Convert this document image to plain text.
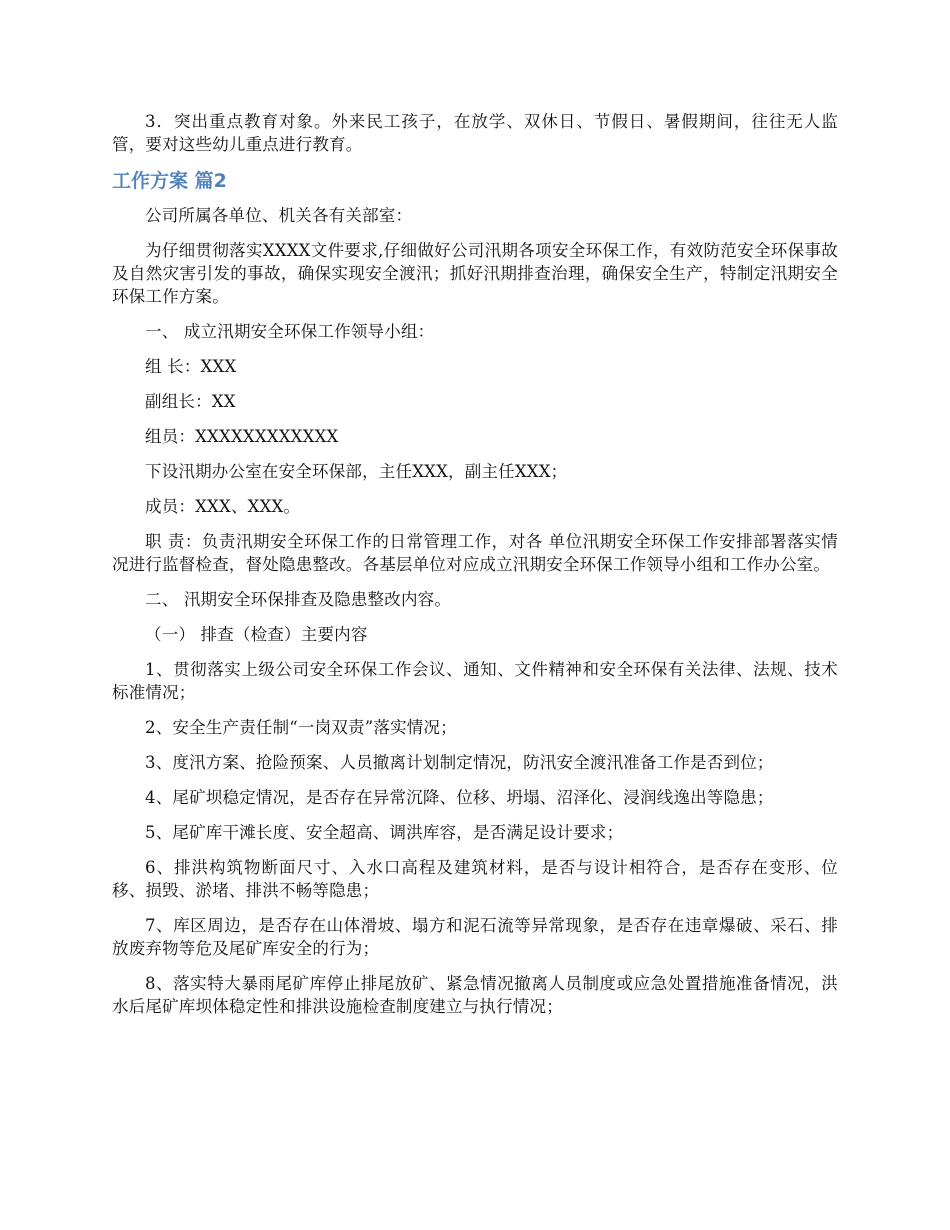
3．突出重点教育对象。外来民工孩子，在放学、双休日、节假日、暑假期间，往往无人监管，要对这些幼儿重点进行教育。

工作方案 篇2

公司所属各单位、机关各有关部室：

为仔细贯彻落实XXXX文件要求,仔细做好公司汛期各项安全环保工作，有效防范安全环保事故及自然灾害引发的事故，确保实现安全渡汛；抓好汛期排查治理，确保安全生产，特制定汛期安全环保工作方案。

一、 成立汛期安全环保工作领导小组：

组 长：XXX

副组长：XX

组员：XXXXXXXXXXXX

下设汛期办公室在安全环保部，主任XXX，副主任XXX；

成员：XXX、XXX。

职 责：负责汛期安全环保工作的日常管理工作，对各 单位汛期安全环保工作安排部署落实情况进行监督检查，督处隐患整改。各基层单位对应成立汛期安全环保工作领导小组和工作办公室。

二、 汛期安全环保排查及隐患整改内容。

（一） 排查（检查）主要内容

1、贯彻落实上级公司安全环保工作会议、通知、文件精神和安全环保有关法律、法规、技术标准情况；

2、安全生产责任制“一岗双责”落实情况；

3、度汛方案、抢险预案、人员撤离计划制定情况，防汛安全渡汛准备工作是否到位；

4、尾矿坝稳定情况，是否存在异常沉降、位移、坍塌、沼泽化、浸润线逸出等隐患；

5、尾矿库干滩长度、安全超高、调洪库容，是否满足设计要求；

6、排洪构筑物断面尺寸、入水口高程及建筑材料，是否与设计相符合，是否存在变形、位移、损毁、淤堵、排洪不畅等隐患；

7、库区周边，是否存在山体滑坡、塌方和泥石流等异常现象，是否存在违章爆破、采石、排放废弃物等危及尾矿库安全的行为；

8、落实特大暴雨尾矿库停止排尾放矿、紧急情况撤离人员制度或应急处置措施准备情况，洪水后尾矿库坝体稳定性和排洪设施检查制度建立与执行情况；
